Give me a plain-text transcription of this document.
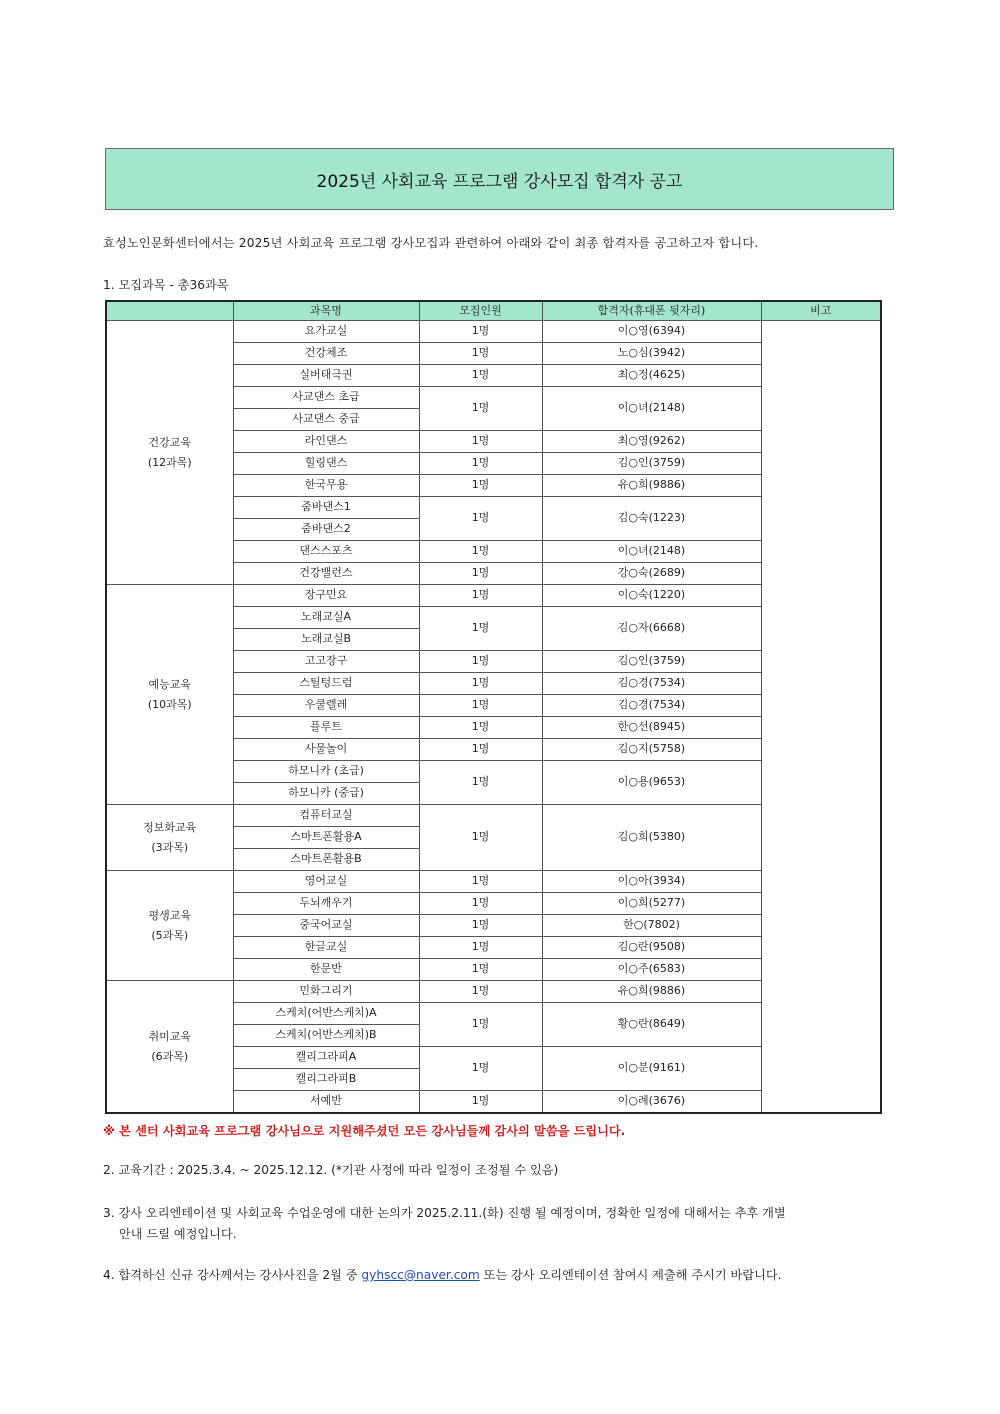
2025년 사회교육 프로그램 강사모집 합격자 공고
효성노인문화센터에서는 2025년 사회교육 프로그램 강사모집과 관련하여 아래와 같이 최종 합격자를 공고하고자 합니다.
1. 모집과목 - 총36과목
	과목명	모집인원	합격자(휴대폰 뒷자리)	비고
건강교육
(12과목)	요가교실	1명	이○영(6394)	
	건강체조	1명	노○심(3942)	
	실버태극권	1명	최○정(4625)	
	사교댄스 초급	1명	이○녀(2148)	
	사교댄스 중급			
	라인댄스	1명	최○영(9262)	
	힐링댄스	1명	김○인(3759)	
	한국무용	1명	유○희(9886)	
	줌바댄스1	1명	김○숙(1223)	
	줌바댄스2			
	댄스스포츠	1명	이○녀(2148)	
	건강밸런스	1명	강○숙(2689)	
예능교육
(10과목)	장구민요	1명	이○숙(1220)	
	노래교실A	1명	김○자(6668)	
	노래교실B			
	고고장구	1명	김○인(3759)	
	스틸텅드럼	1명	김○경(7534)	
	우쿨렐레	1명	김○경(7534)	
	플루트	1명	한○선(8945)	
	사물놀이	1명	김○지(5758)	
	하모니카 (초급)	1명	이○용(9653)	
	하모니카 (중급)			
정보화교육
(3과목)	컴퓨터교실	1명	김○희(5380)	
	스마트폰활용A			
	스마트폰활용B			
평생교육
(5과목)	영어교실	1명	이○아(3934)	
	두뇌깨우기	1명	이○희(5277)	
	중국어교실	1명	한○(7802)	
	한글교실	1명	김○란(9508)	
	한문반	1명	이○주(6583)	
취미교육
(6과목)	민화그리기	1명	유○희(9886)	
	스케치(어반스케치)A	1명	황○란(8649)	
	스케치(어반스케치)B			
	캘리그라피A	1명	이○분(9161)	
	캘리그라피B			
	서예반	1명	이○례(3676)	
※ 본 센터 사회교육 프로그램 강사님으로 지원해주셨던 모든 강사님들께 감사의 말씀을 드립니다.
2. 교육기간 : 2025.3.4. ~ 2025.12.12. (*기관 사정에 따라 일정이 조정될 수 있음)
3. 강사 오리엔테이션 및 사회교육 수업운영에 대한 논의가 2025.2.11.(화) 진행 될 예정이며, 정확한 일정에 대해서는 추후 개별
안내 드릴 예정입니다.
4. 합격하신 신규 강사께서는 강사사진을 2월 중 gyhscc@naver.com 또는 강사 오리엔테이션 참여시 제출해 주시기 바랍니다.
